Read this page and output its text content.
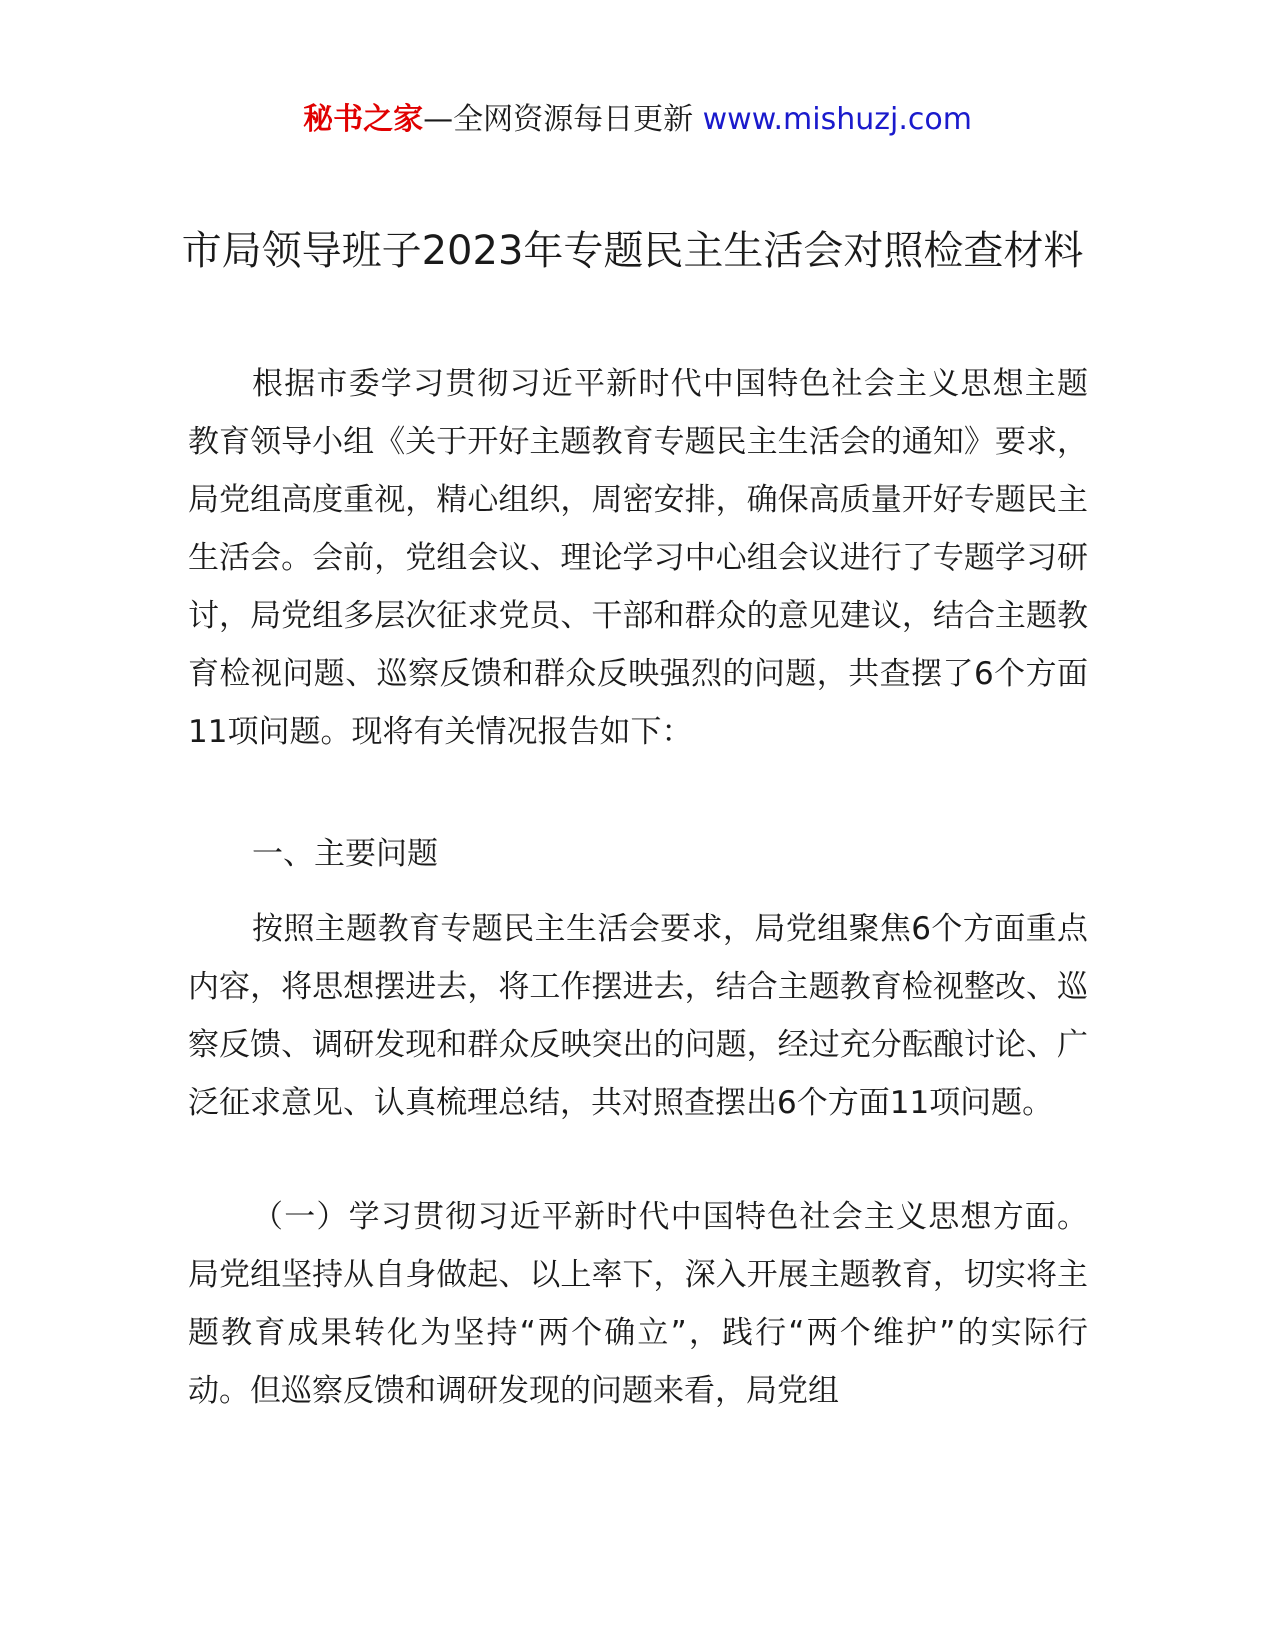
秘书之家—全网资源每日更新 www.mishuzj.com
市局领导班子2023年专题民主生活会对照检查材料

根据市委学习贯彻习近平新时代中国特色社会主义思想主题教育领导小组《关于开好主题教育专题民主生活会的通知》要求，局党组高度重视，精心组织，周密安排，确保高质量开好专题民主生活会。会前，党组会议、理论学习中心组会议进行了专题学习研讨，局党组多层次征求党员、干部和群众的意见建议，结合主题教育检视问题、巡察反馈和群众反映强烈的问题，共查摆了6个方面11项问题。现将有关情况报告如下：

一、主要问题

按照主题教育专题民主生活会要求，局党组聚焦6个方面重点内容，将思想摆进去，将工作摆进去，结合主题教育检视整改、巡察反馈、调研发现和群众反映突出的问题，经过充分酝酿讨论、广泛征求意见、认真梳理总结，共对照查摆出6个方面11项问题。

（一）学习贯彻习近平新时代中国特色社会主义思想方面。局党组坚持从自身做起、以上率下，深入开展主题教育，切实将主题教育成果转化为坚持“两个确立”，践行“两个维护”的实际行动。但巡察反馈和调研发现的问题来看，局党组
